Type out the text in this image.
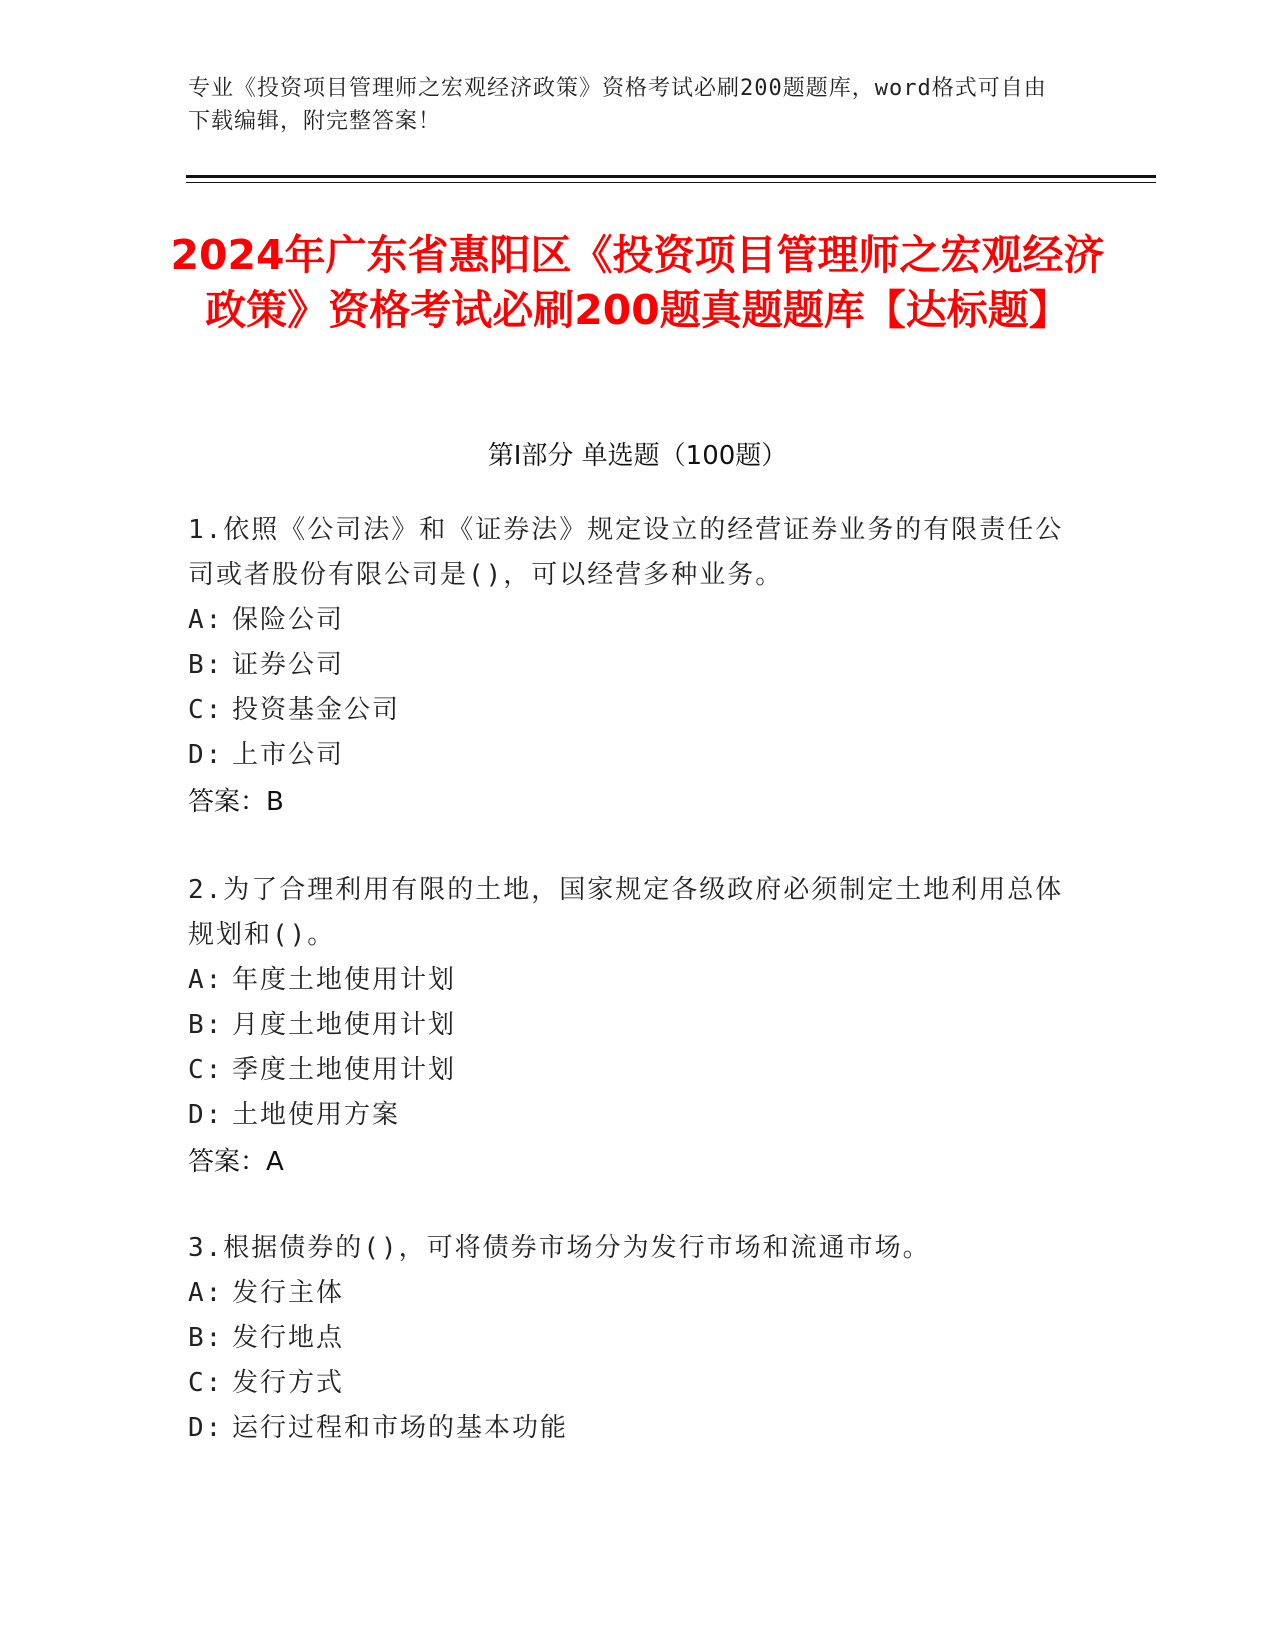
专业《投资项目管理师之宏观经济政策》资格考试必刷200题题库，word格式可自由下载编辑，附完整答案！
2024年广东省惠阳区《投资项目管理师之宏观经济政策》资格考试必刷200题真题题库【达标题】
第I部分 单选题（100题）
1.依照《公司法》和《证券法》规定设立的经营证券业务的有限责任公司或者股份有限公司是()，可以经营多种业务。
A: 保险公司
B: 证券公司
C: 投资基金公司
D: 上市公司
答案：B
2.为了合理利用有限的土地，国家规定各级政府必须制定土地利用总体规划和()。
A: 年度土地使用计划
B: 月度土地使用计划
C: 季度土地使用计划
D: 土地使用方案
答案：A
3.根据债券的()，可将债券市场分为发行市场和流通市场。
A: 发行主体
B: 发行地点
C: 发行方式
D: 运行过程和市场的基本功能
